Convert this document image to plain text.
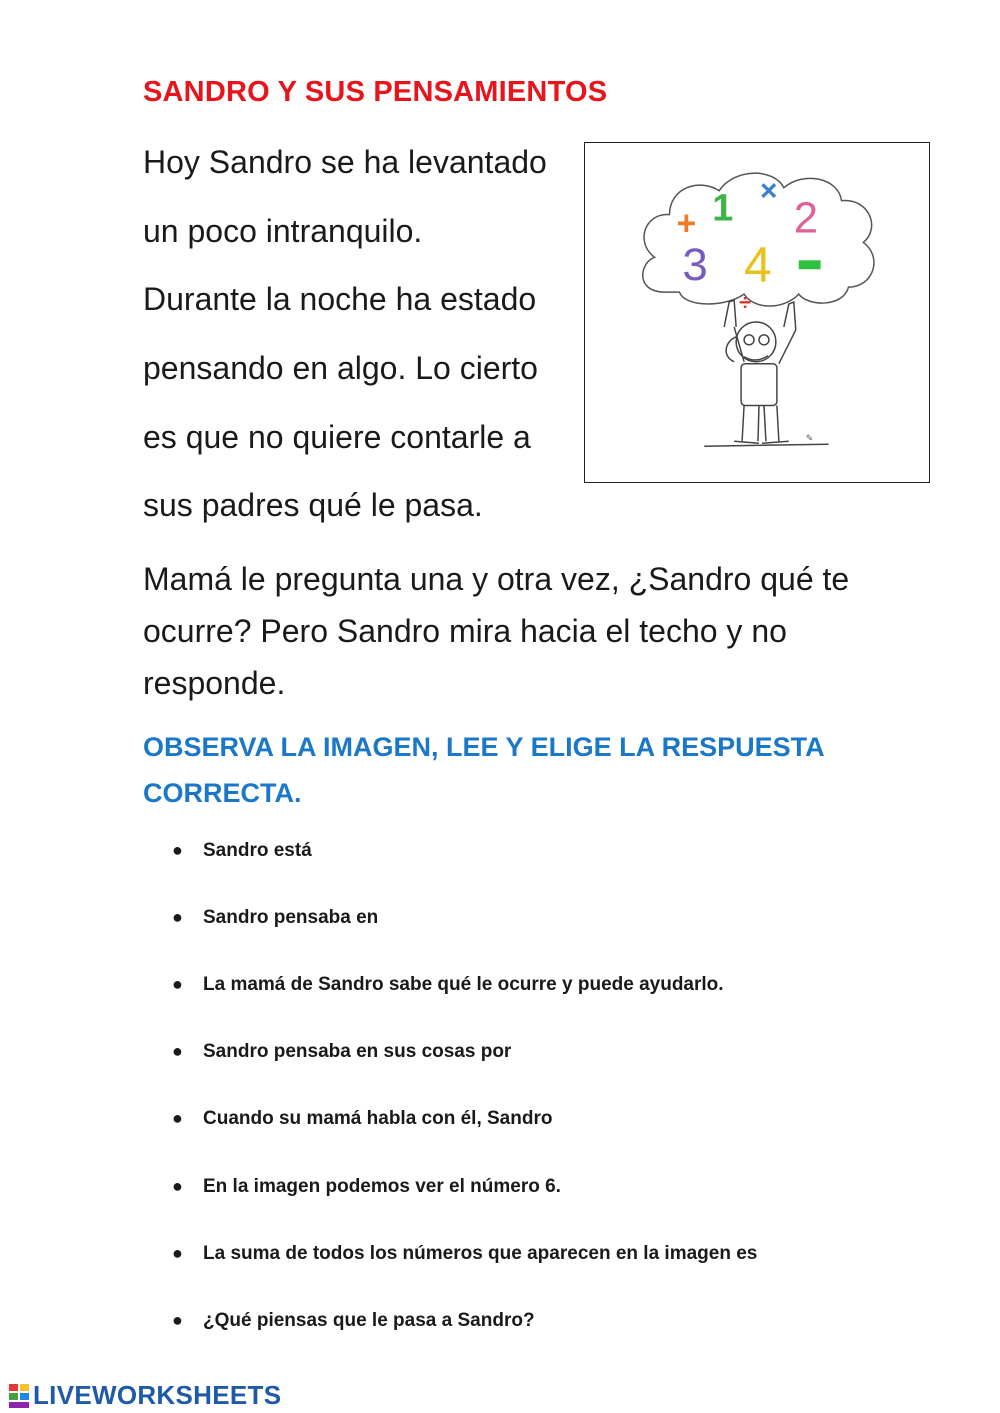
SANDRO Y SUS PENSAMIENTOS
Hoy Sandro se ha levantado
un poco intranquilo.
Durante la noche ha estado
pensando en algo. Lo cierto
es que no quiere contarle a
sus padres qué le pasa.
+ 1 ×
2
3 4
÷
✎
Mamá le pregunta una y otra vez, ¿Sandro qué te ocurre? Pero Sandro mira hacia el techo y no responde.
OBSERVA LA IMAGEN, LEE Y ELIGE LA RESPUESTA CORRECTA.
● Sandro está
● Sandro pensaba en
● La mamá de Sandro sabe qué le ocurre y puede ayudarlo.
● Sandro pensaba en sus cosas por
● Cuando su mamá habla con él, Sandro
● En la imagen podemos ver el número 6.
● La suma de todos los números que aparecen en la imagen es
● ¿Qué piensas que le pasa a Sandro?
LIVEWORKSHEETS
